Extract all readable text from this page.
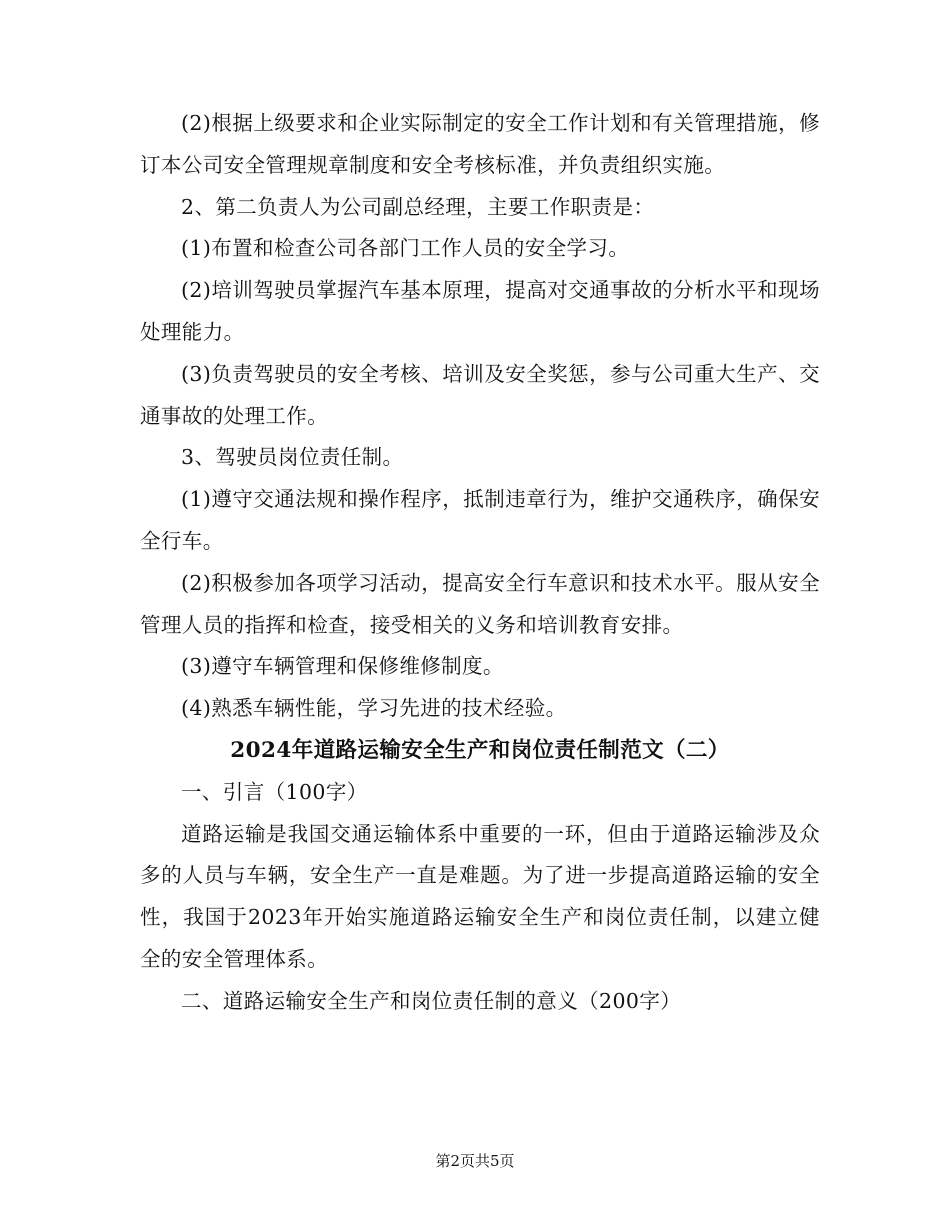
(2)根据上级要求和企业实际制定的安全工作计划和有关管理措施，修订本公司安全管理规章制度和安全考核标准，并负责组织实施。

2、第二负责人为公司副总经理，主要工作职责是：

(1)布置和检查公司各部门工作人员的安全学习。

(2)培训驾驶员掌握汽车基本原理，提高对交通事故的分析水平和现场处理能力。

(3)负责驾驶员的安全考核、培训及安全奖惩，参与公司重大生产、交通事故的处理工作。

3、驾驶员岗位责任制。

(1)遵守交通法规和操作程序，抵制违章行为，维护交通秩序，确保安全行车。

(2)积极参加各项学习活动，提高安全行车意识和技术水平。服从安全管理人员的指挥和检查，接受相关的义务和培训教育安排。

(3)遵守车辆管理和保修维修制度。

(4)熟悉车辆性能，学习先进的技术经验。

2024年道路运输安全生产和岗位责任制范文（二）

一、引言（100字）

道路运输是我国交通运输体系中重要的一环，但由于道路运输涉及众多的人员与车辆，安全生产一直是难题。为了进一步提高道路运输的安全性，我国于2023年开始实施道路运输安全生产和岗位责任制，以建立健全的安全管理体系。

二、道路运输安全生产和岗位责任制的意义（200字）

第2页共5页
